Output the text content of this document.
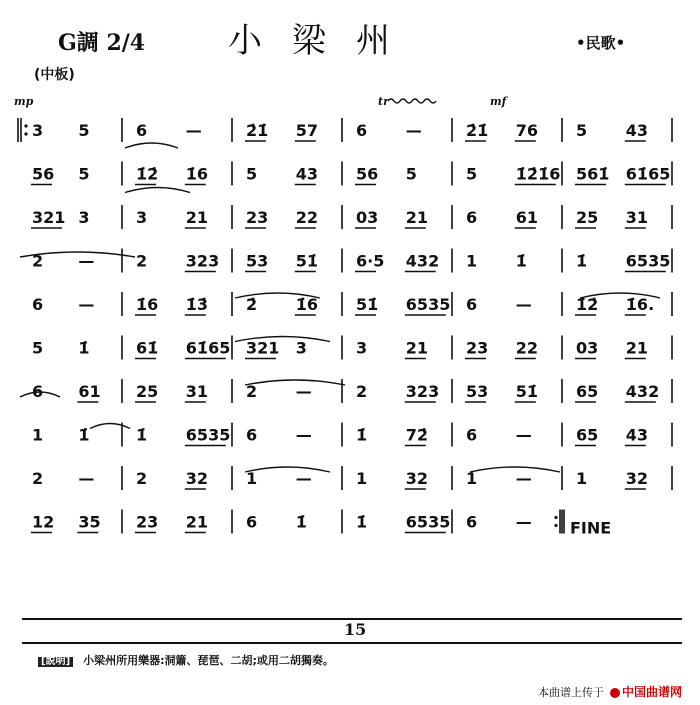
G調 2/4 小梁州	•民歌•
(中板)
mp	tr	mf
3 5	6 —	2̇1̇ 57 6 —	2̇1̇ 76 5 43
56 5	1̇2̇ 1̇6 5 43 56 5	5 1̇2̇1̇6 561̇ 61̇65
321 3	3 21 23 22 03 21 6 61 25 31
2 —	2 323 53 51̇ 6·5 432 1 1̇	1̇ 6535
6 —	1̇6 1̇3̇ 2̇ 1̇6 51̇ 6535 6 —	1̇2̇ 1̇6.
5 1̇	61̇ 61̇65 321 3	3 21 23 22 03 21
6 61 25 31 2 —	2 323 53 51̇ 65 432
1 1̇	1̇ 6535 6 —	1̇ 72̇ 6 —	65 43
2 —	2 32 1 —	1 32 1 —	1 32
12 35 23 21 6 1̇	1̇ 6535 6 — FINE
15
[説明] 小梁州所用樂器:洞簫、琵琶、二胡;或用二胡獨奏。
本曲谱上传于 中国曲谱网
